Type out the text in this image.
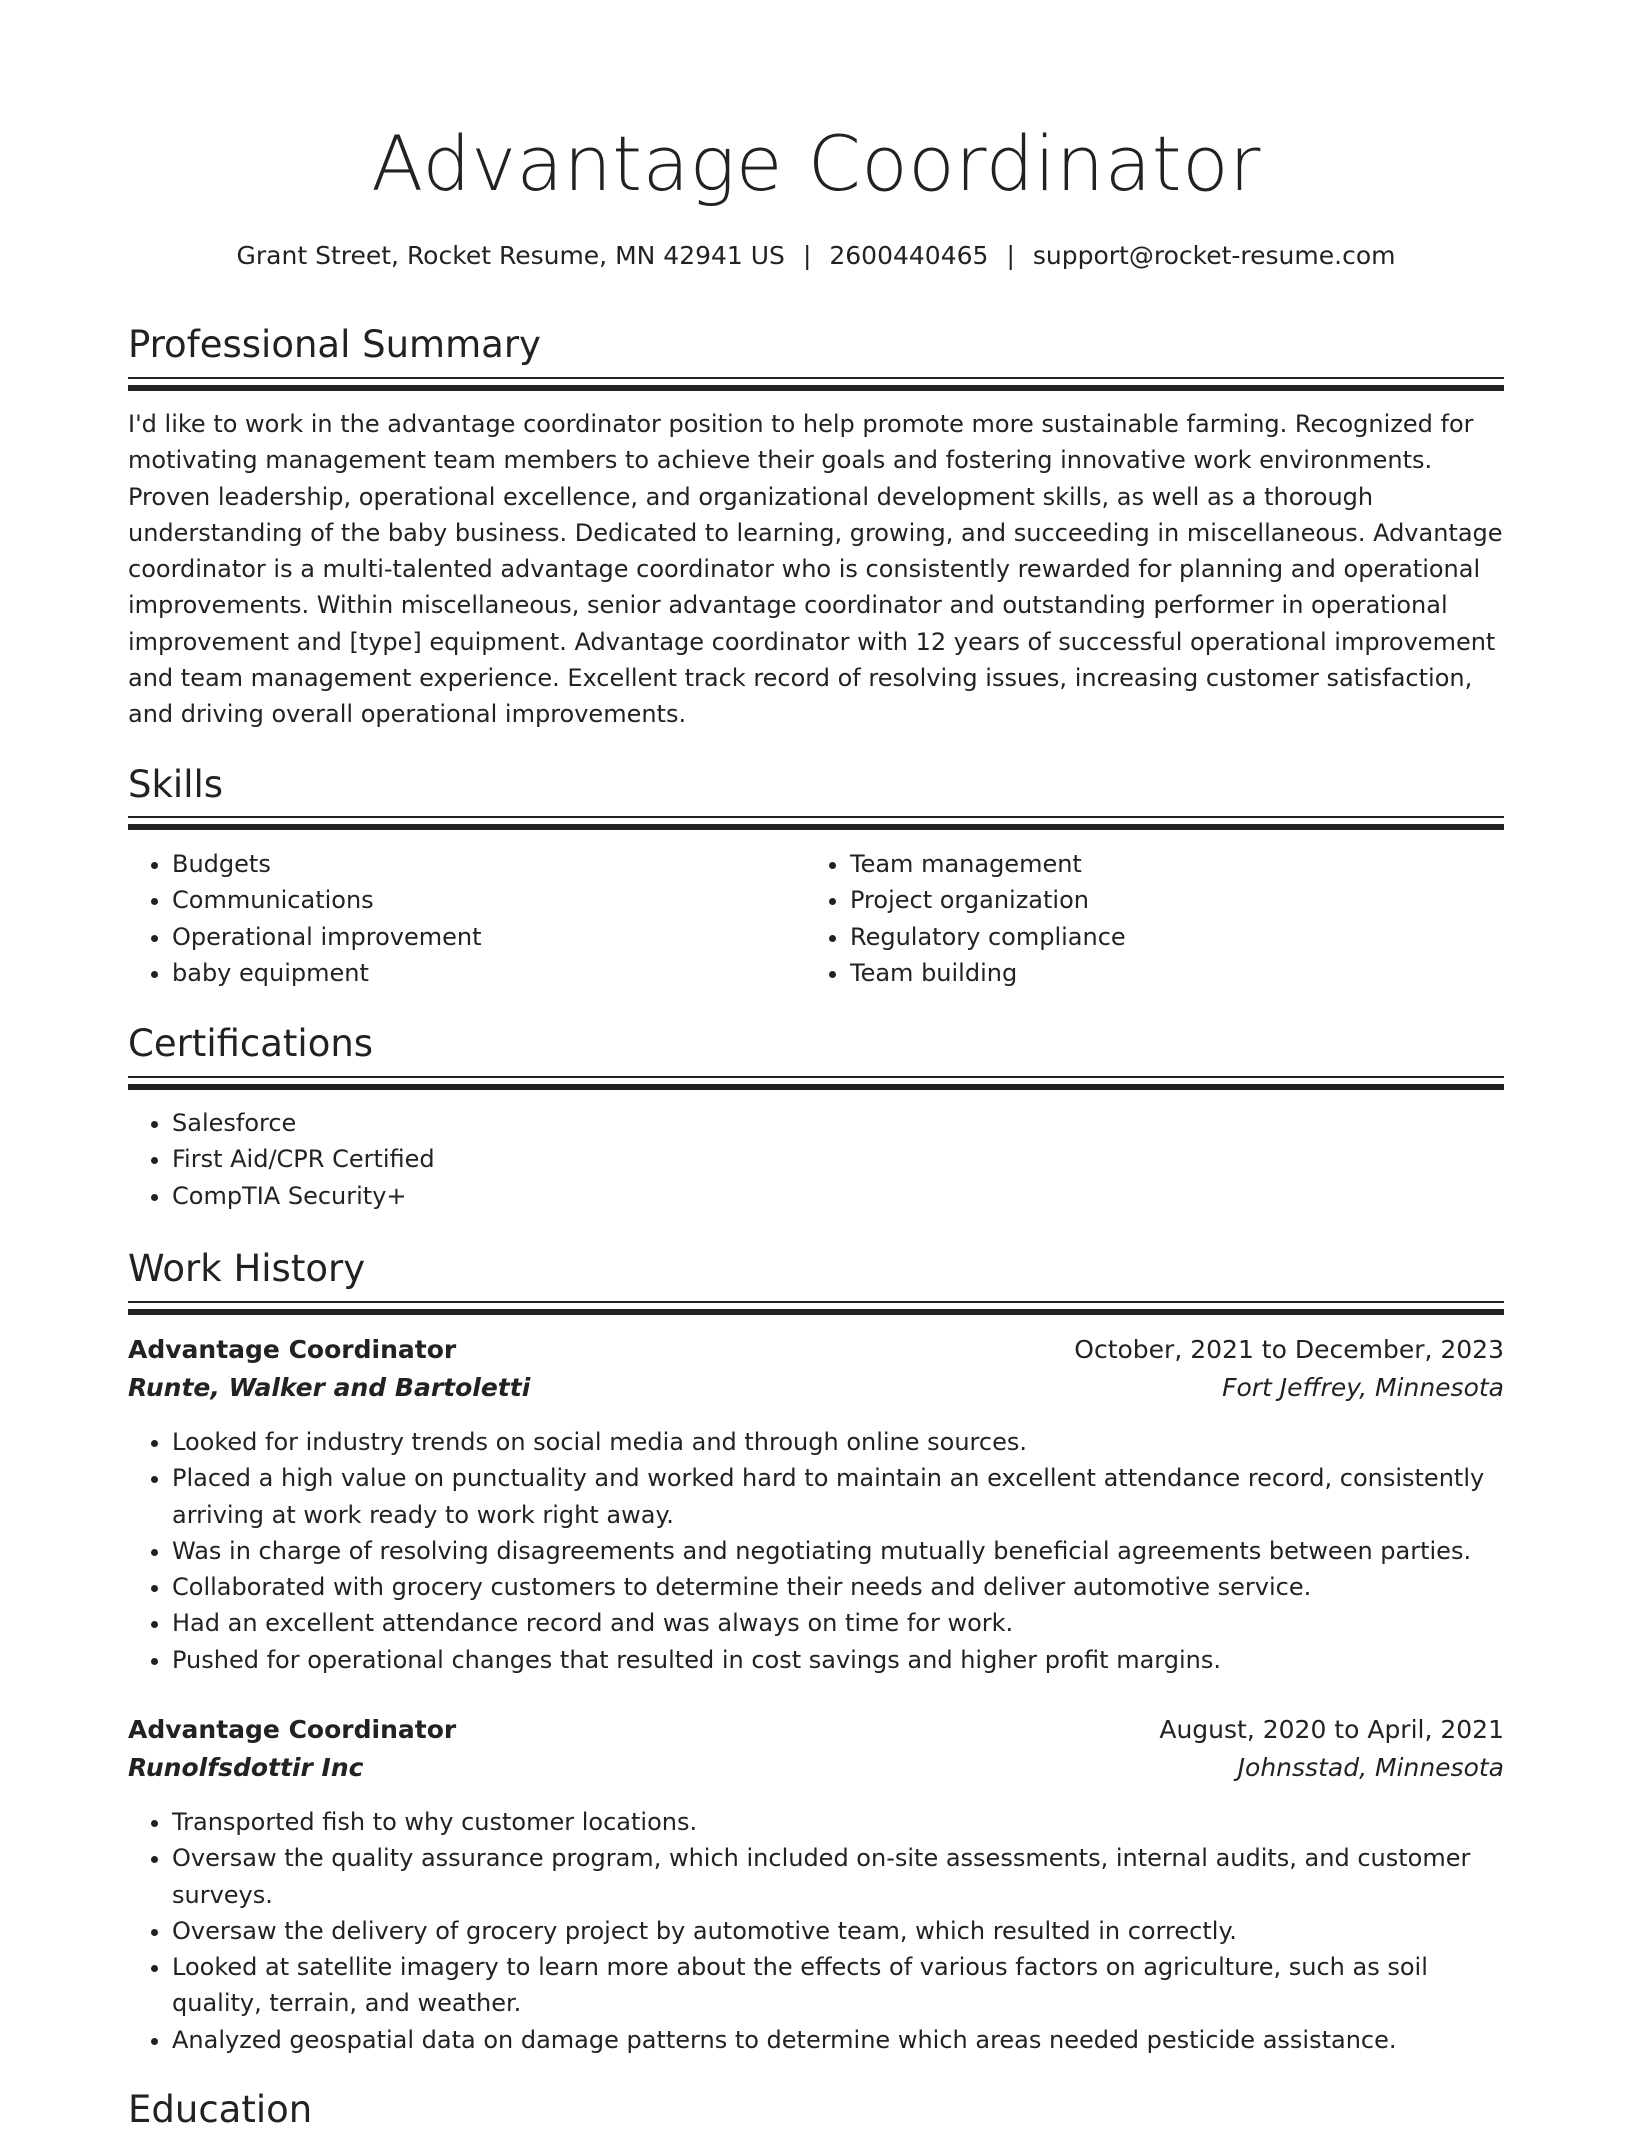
Advantage Coordinator
Grant Street, Rocket Resume, MN 42941 US | 2600440465 | support@rocket-resume.com
Professional Summary
I'd like to work in the advantage coordinator position to help promote more sustainable farming. Recognized for motivating management team members to achieve their goals and fostering innovative work environments. Proven leadership, operational excellence, and organizational development skills, as well as a thorough understanding of the baby business. Dedicated to learning, growing, and succeeding in miscellaneous. Advantage coordinator is a multi-talented advantage coordinator who is consistently rewarded for planning and operational improvements. Within miscellaneous, senior advantage coordinator and outstanding performer in operational improvement and [type] equipment. Advantage coordinator with 12 years of successful operational improvement and team management experience. Excellent track record of resolving issues, increasing customer satisfaction, and driving overall operational improvements.
Skills
• Budgets
• Communications
• Operational improvement
• baby equipment
• Team management
• Project organization
• Regulatory compliance
• Team building
Certifications
• Salesforce
• First Aid/CPR Certified
• CompTIA Security+
Work History
Advantage Coordinator	October, 2021 to December, 2023
Runte, Walker and Bartoletti	Fort Jeffrey, Minnesota
• Looked for industry trends on social media and through online sources.
• Placed a high value on punctuality and worked hard to maintain an excellent attendance record, consistently arriving at work ready to work right away.
• Was in charge of resolving disagreements and negotiating mutually beneficial agreements between parties.
• Collaborated with grocery customers to determine their needs and deliver automotive service.
• Had an excellent attendance record and was always on time for work.
• Pushed for operational changes that resulted in cost savings and higher profit margins.
Advantage Coordinator	August, 2020 to April, 2021
Runolfsdottir Inc	Johnsstad, Minnesota
• Transported fish to why customer locations.
• Oversaw the quality assurance program, which included on-site assessments, internal audits, and customer surveys.
• Oversaw the delivery of grocery project by automotive team, which resulted in correctly.
• Looked at satellite imagery to learn more about the effects of various factors on agriculture, such as soil quality, terrain, and weather.
• Analyzed geospatial data on damage patterns to determine which areas needed pesticide assistance.
Education
